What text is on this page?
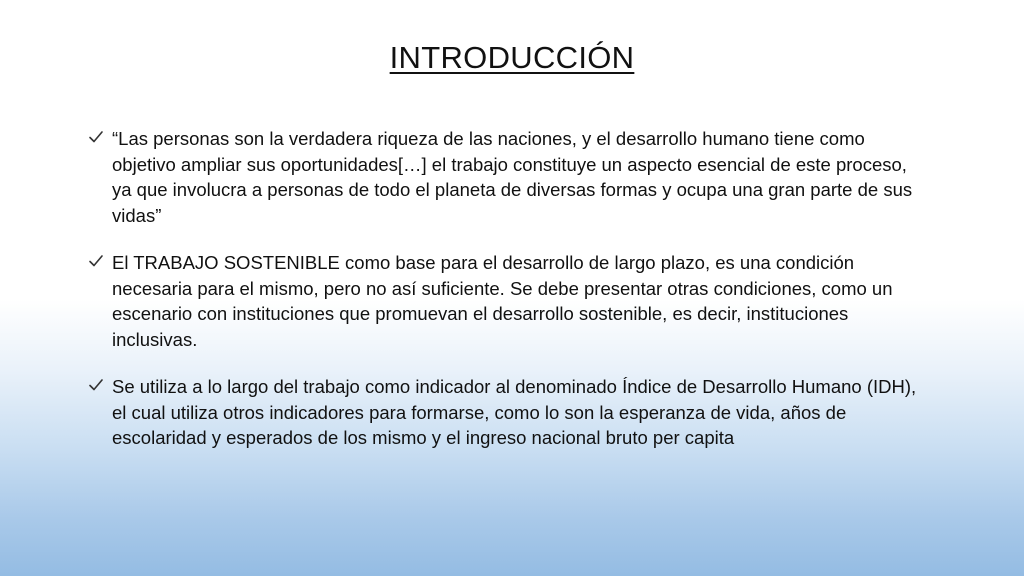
INTRODUCCIÓN
“Las personas son la verdadera riqueza de las naciones, y el desarrollo humano tiene como objetivo ampliar sus oportunidades[…] el trabajo constituye un aspecto esencial de este proceso, ya que involucra a personas de todo el planeta de diversas formas y ocupa una gran parte de sus vidas”
El TRABAJO SOSTENIBLE como base para el desarrollo de largo plazo, es una condición necesaria para el mismo, pero no así suficiente. Se debe presentar otras condiciones, como un escenario con instituciones que promuevan el desarrollo sostenible, es decir, instituciones inclusivas.
Se utiliza a lo largo del trabajo como indicador al denominado Índice de Desarrollo Humano (IDH), el cual utiliza otros indicadores para formarse, como lo son la esperanza de vida, años de escolaridad y esperados de los mismo y el ingreso nacional bruto per capita
